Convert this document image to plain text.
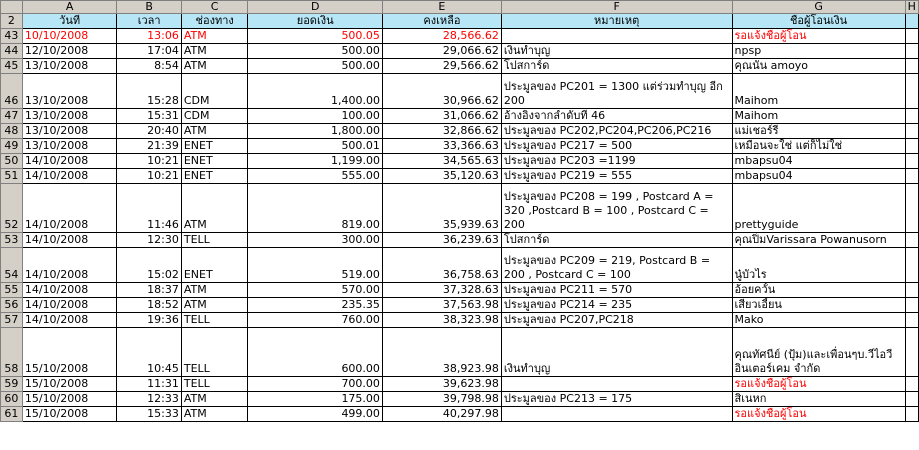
	A	B	C	D	E	F	G	H
2	วันที่	เวลา	ช่องทาง	ยอดเงิน	คงเหลือ	หมายเหตุ	ชื่อผู้โอนเงิน	
43	10/10/2008	13:06	ATM	500.05	28,566.62		รอแจ้งชื่อผู้โอน	
44	12/10/2008	17:04	ATM	500.00	29,066.62	เงินทำบุญ	npsp	
45	13/10/2008	8:54	ATM	500.00	29,566.62	โปสการ์ด	คุณนัน amoyo	
46	13/10/2008	15:28	CDM	1,400.00	30,966.62	ประมูลของ PC201 = 1300 แต่ร่วมทำบุญ อีก 200	Maihom	
47	13/10/2008	15:31	CDM	100.00	31,066.62	อ้างอิงจากลำดับที่ 46	Maihom	
48	13/10/2008	20:40	ATM	1,800.00	32,866.62	ประมูลของ PC202,PC204,PC206,PC216	แม่เชอร์รี่	
49	13/10/2008	21:39	ENET	500.01	33,366.63	ประมูลของ PC217 = 500	เหมือนจะใช่ แต่ก็ไม่ใช่	
50	14/10/2008	10:21	ENET	1,199.00	34,565.63	ประมูลของ PC203 =1199	mbapsu04	
51	14/10/2008	10:21	ENET	555.00	35,120.63	ประมูลของ PC219 = 555	mbapsu04	
52	14/10/2008	11:46	ATM	819.00	35,939.63	ประมูลของ PC208 = 199 , Postcard A = 320 ,Postcard B = 100 , Postcard C = 200	prettyguide	
53	14/10/2008	12:30	TELL	300.00	36,239.63	โปสการ์ด	คุณปิ๋มVarissara Powanusorn	
54	14/10/2008	15:02	ENET	519.00	36,758.63	ประมูลของ PC209 = 219, Postcard B = 200 , Postcard C = 100	นู๋บัวไร	
55	14/10/2008	18:37	ATM	570.00	37,328.63	ประมูลของ PC211 = 570	อ้อยควั้น	
56	14/10/2008	18:52	ATM	235.35	37,563.98	ประมูลของ PC214 = 235	เสียวเอี้ยน	
57	14/10/2008	19:36	TELL	760.00	38,323.98	ประมูลของ PC207,PC218	Mako	
58	15/10/2008	10:45	TELL	600.00	38,923.98	เงินทำบุญ	คุณทัศนีย์ (ปุ้ม)และเพื่อนๆบ.วีไอวี อินเตอร์เคม จำกัด	
59	15/10/2008	11:31	TELL	700.00	39,623.98		รอแจ้งชื่อผู้โอน	
60	15/10/2008	12:33	ATM	175.00	39,798.98	ประมูลของ PC213 = 175	สิเนหก	
61	15/10/2008	15:33	ATM	499.00	40,297.98		รอแจ้งชื่อผู้โอน	
